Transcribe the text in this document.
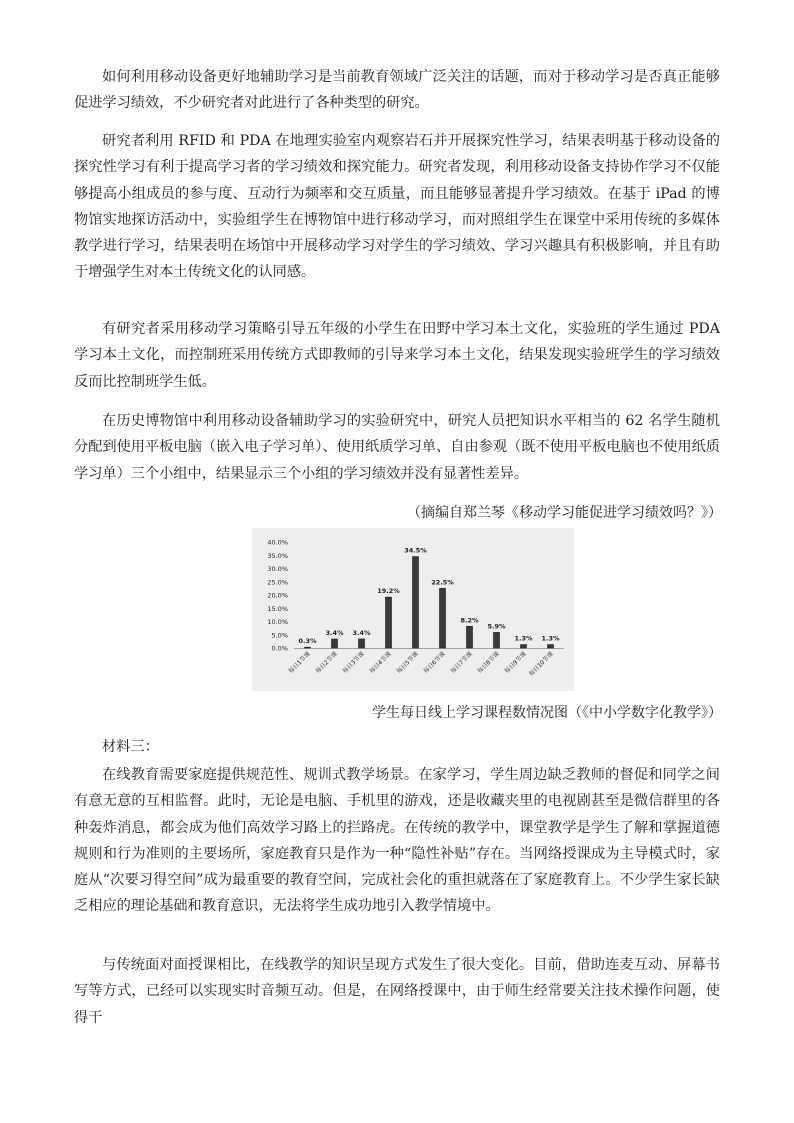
如何利用移动设备更好地辅助学习是当前教育领域广泛关注的话题，而对于移动学习是否真正能够促进学习绩效，不少研究者对此进行了各种类型的研究。

研究者利用 RFID 和 PDA 在地理实验室内观察岩石并开展探究性学习，结果表明基于移动设备的探究性学习有利于提高学习者的学习绩效和探究能力。研究者发现，利用移动设备支持协作学习不仅能够提高小组成员的参与度、互动行为频率和交互质量，而且能够显著提升学习绩效。在基于 iPad 的博物馆实地探访活动中，实验组学生在博物馆中进行移动学习，而对照组学生在课堂中采用传统的多媒体教学进行学习，结果表明在场馆中开展移动学习对学生的学习绩效、学习兴趣具有积极影响，并且有助于增强学生对本土传统文化的认同感。

有研究者采用移动学习策略引导五年级的小学生在田野中学习本土文化，实验班的学生通过 PDA 学习本土文化，而控制班采用传统方式即教师的引导来学习本土文化，结果发现实验班学生的学习绩效反而比控制班学生低。

在历史博物馆中利用移动设备辅助学习的实验研究中，研究人员把知识水平相当的 62 名学生随机分配到使用平板电脑（嵌入电子学习单）、使用纸质学习单、自由参观（既不使用平板电脑也不使用纸质学习单）三个小组中，结果显示三个小组的学习绩效并没有显著性差异。

（摘编自郑兰琴《移动学习能促进学习绩效吗？》）

0.0%
5.0%
10.0%
15.0%
20.0%
25.0%
30.0%
35.0%
40.0%
0.3%
每日1节课
3.4%
每日2节课
3.4%
每日3节课
19.2%
每日4节课
34.5%
每日5节课
22.5%
每日6节课
8.2%
每日7节课
5.9%
每日8节课
1.3%
每日9节课
1.3%
每日10节课

学生每日线上学习课程数情况图（《中小学数字化教学》）

材料三：

在线教育需要家庭提供规范性、规训式教学场景。在家学习，学生周边缺乏教师的督促和同学之间有意无意的互相监督。此时，无论是电脑、手机里的游戏，还是收藏夹里的电视剧甚至是微信群里的各种轰炸消息，都会成为他们高效学习路上的拦路虎。在传统的教学中，课堂教学是学生了解和掌握道德规则和行为准则的主要场所，家庭教育只是作为一种“隐性补贴”存在。当网络授课成为主导模式时，家庭从“次要习得空间”成为最重要的教育空间，完成社会化的重担就落在了家庭教育上。不少学生家长缺乏相应的理论基础和教育意识，无法将学生成功地引入教学情境中。

与传统面对面授课相比，在线教学的知识呈现方式发生了很大变化。目前，借助连麦互动、屏幕书写等方式，已经可以实现实时音频互动。但是，在网络授课中，由于师生经常要关注技术操作问题，使得干
